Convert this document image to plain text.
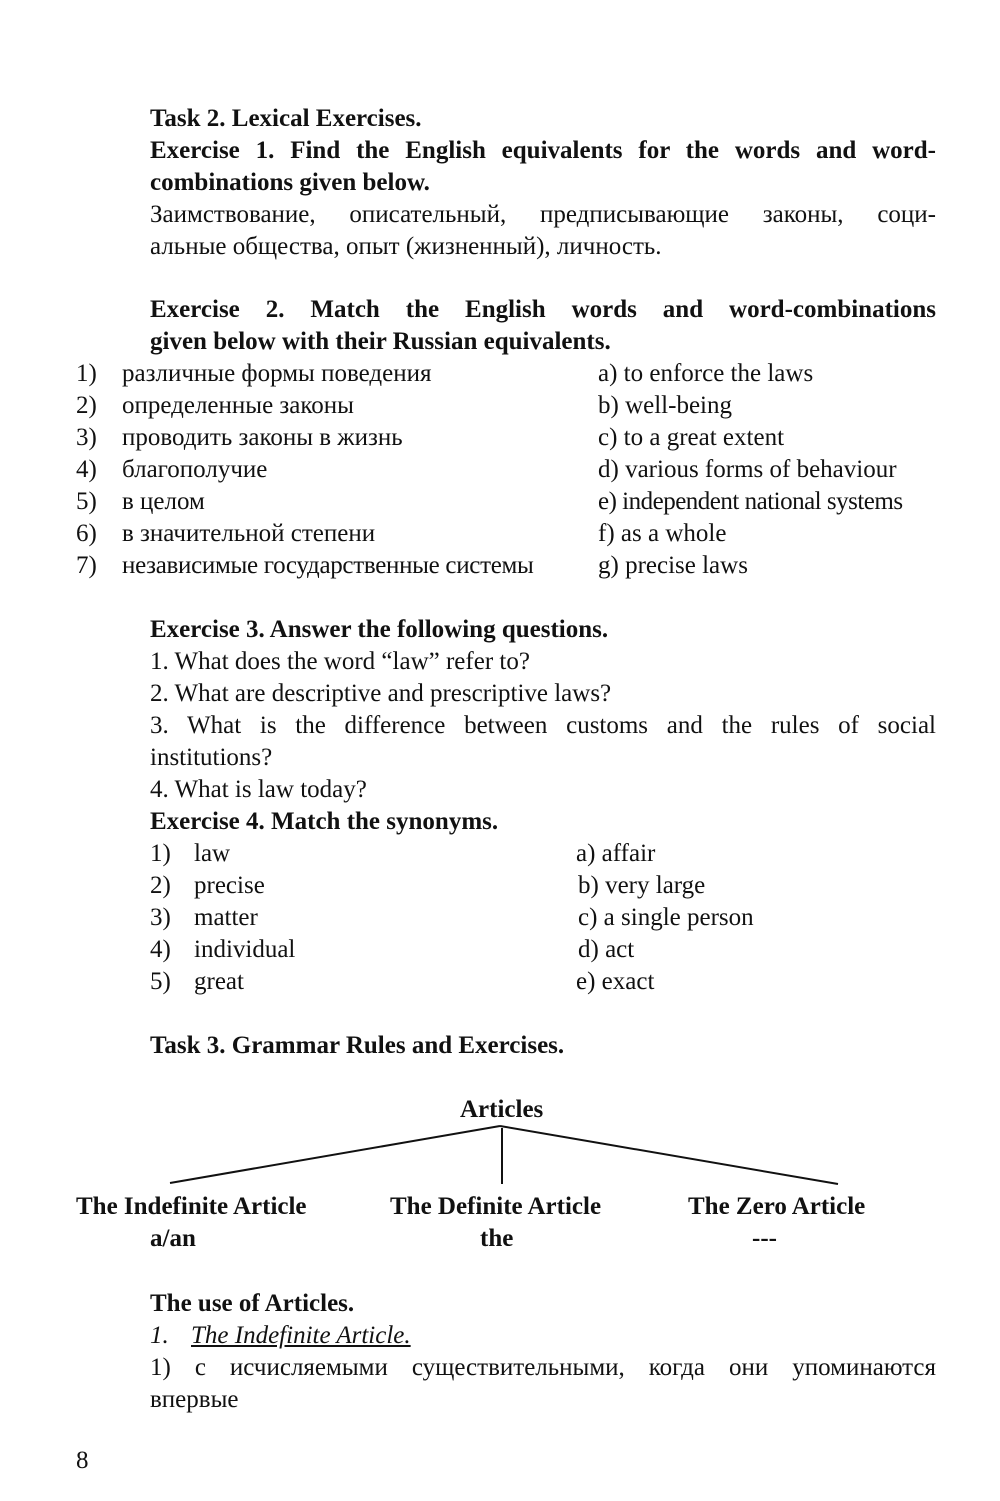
Task 2. Lexical Exercises.
Exercise 1. Find the English equivalents for the words and word-
combinations given below.
Заимствование, описательный, предписывающие законы, соци-
альные общества, опыт (жизненный), личность.
Exercise 2. Match the English words and word-combinations
given below with their Russian equivalents.
1) различные формы поведения	a) to enforce the laws
2) определенные законы	b) well-being
3) проводить законы в жизнь	c) to a great extent
4) благополучие	d) various forms of behaviour
5) в целом	e) independent national systems
6) в значительной степени	f) as a whole
7) независимые государственные системы	g) precise laws
Exercise 3. Answer the following questions.
1. What does the word “law” refer to?
2. What are descriptive and prescriptive laws?
3. What is the difference between customs and the rules of social
institutions?
4. What is law today?
Exercise 4. Match the synonyms.
1) law	a) affair
2) precise	b) very large
3) matter	c) a single person
4) individual	d) act
5) great	e) exact
Task 3. Grammar Rules and Exercises.
Articles
The Indefinite Article
a/an
The Definite Article
the
The Zero Article
---
The use of Articles.
1. The Indefinite Article.
1) с исчисляемыми существительными, когда они упоминаются
впервые
8
